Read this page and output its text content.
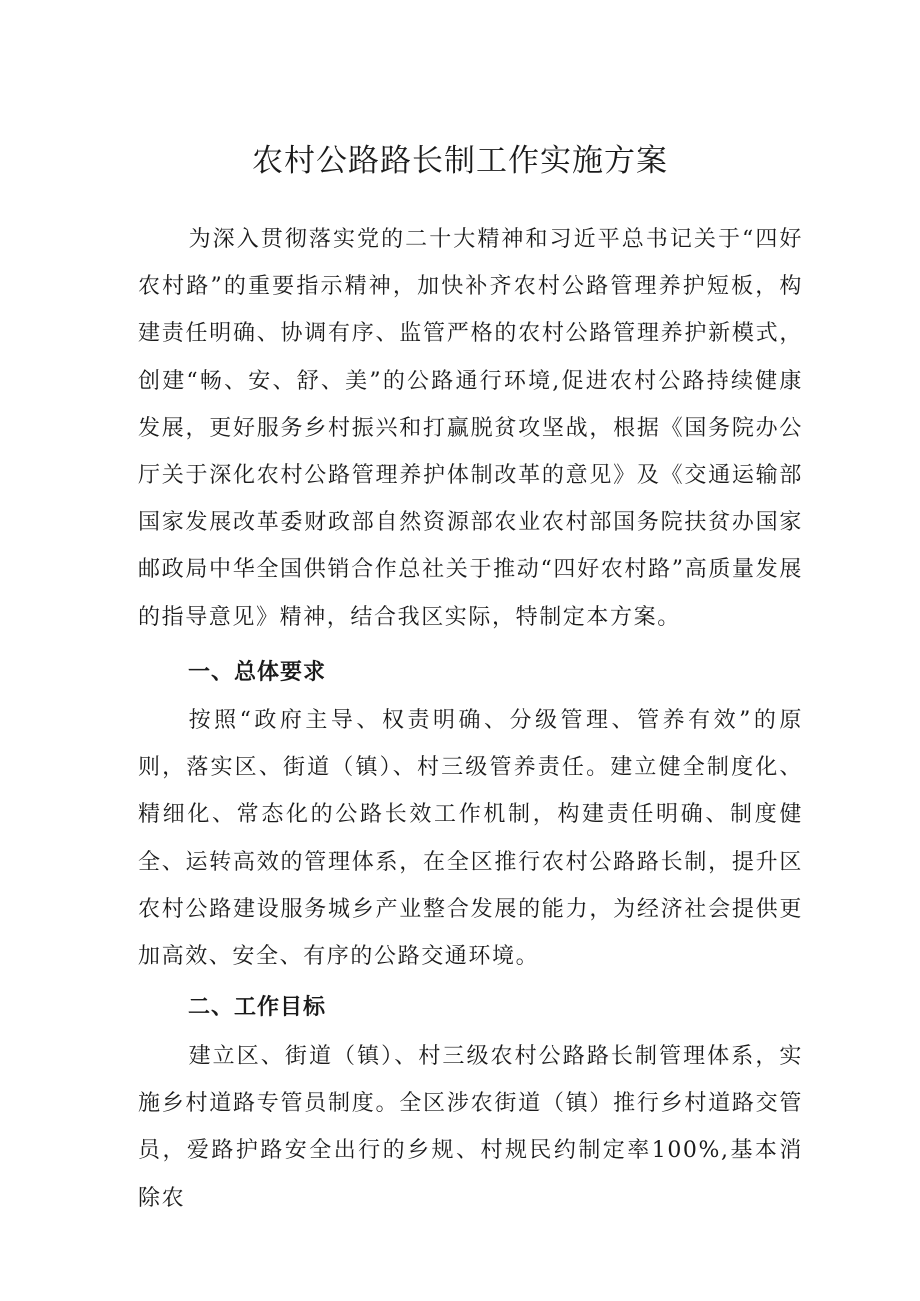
农村公路路长制工作实施方案

为深入贯彻落实党的二十大精神和习近平总书记关于“四好农村路”的重要指示精神，加快补齐农村公路管理养护短板，构建责任明确、协调有序、监管严格的农村公路管理养护新模式，创建“畅、安、舒、美”的公路通行环境,促进农村公路持续健康发展，更好服务乡村振兴和打赢脱贫攻坚战，根据《国务院办公厅关于深化农村公路管理养护体制改革的意见》及《交通运输部国家发展改革委财政部自然资源部农业农村部国务院扶贫办国家邮政局中华全国供销合作总社关于推动“四好农村路”高质量发展的指导意见》精神，结合我区实际，特制定本方案。

一、总体要求

按照“政府主导、权责明确、分级管理、管养有效”的原则，落实区、街道（镇）、村三级管养责任。建立健全制度化、精细化、常态化的公路长效工作机制，构建责任明确、制度健全、运转高效的管理体系，在全区推行农村公路路长制，提升区农村公路建设服务城乡产业整合发展的能力，为经济社会提供更加高效、安全、有序的公路交通环境。

二、工作目标

建立区、街道（镇）、村三级农村公路路长制管理体系，实施乡村道路专管员制度。全区涉农街道（镇）推行乡村道路交管员，爱路护路安全出行的乡规、村规民约制定率100%,基本消除农
